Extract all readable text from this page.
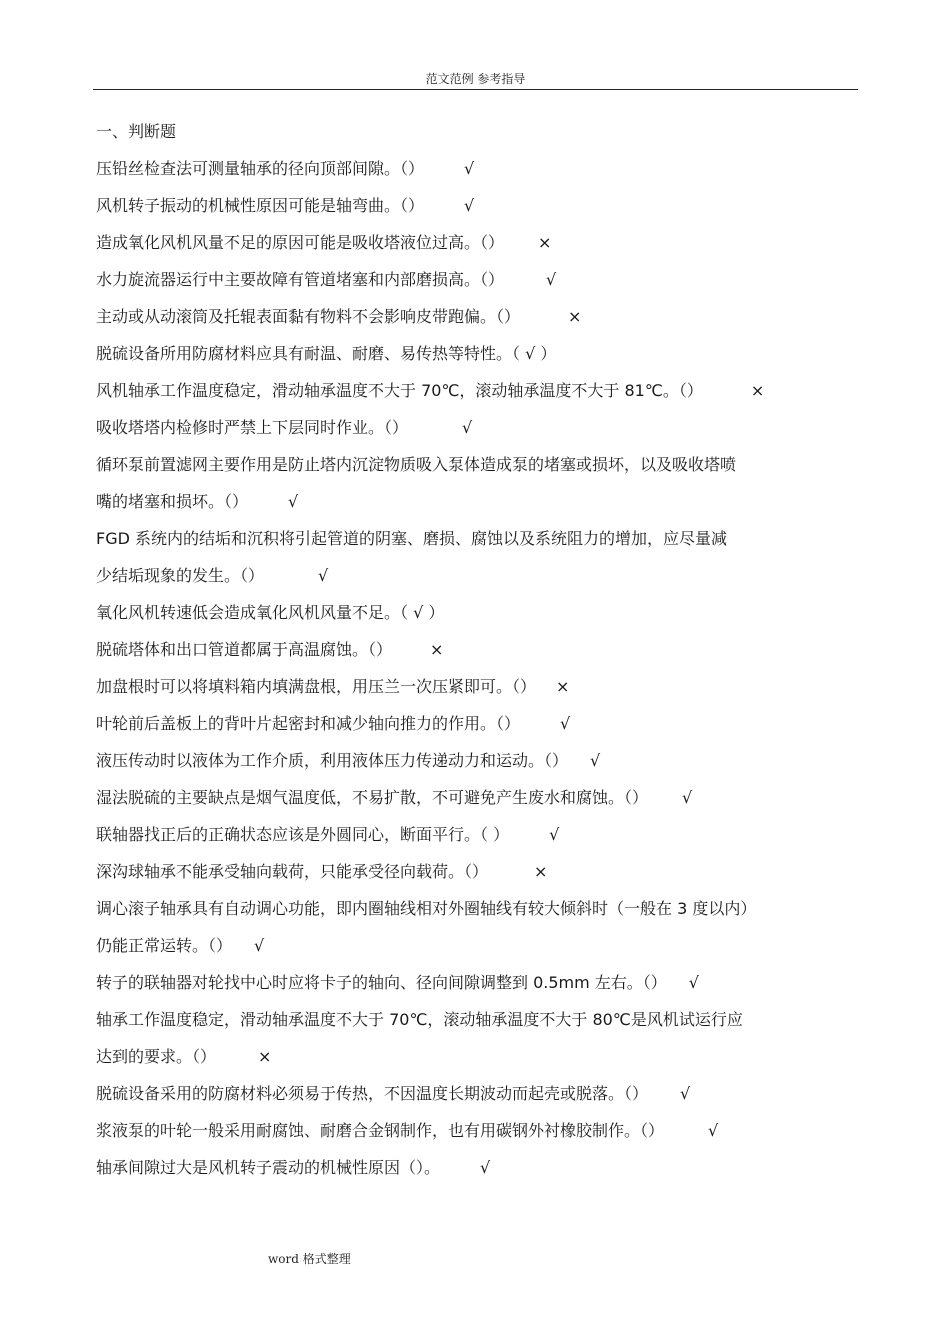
范文范例 参考指导
一、判断题
压铅丝检查法可测量轴承的径向顶部间隙。（）	√
风机转子振动的机械性原因可能是轴弯曲。（）	√
造成氧化风机风量不足的原因可能是吸收塔液位过高。（） ×
水力旋流器运行中主要故障有管道堵塞和内部磨损高。（）	√
主动或从动滚筒及托辊表面黏有物料不会影响皮带跑偏。（）	×
脱硫设备所用防腐材料应具有耐温、耐磨、易传热等特性。（ √ ）
风机轴承工作温度稳定，滑动轴承温度不大于 70℃，滚动轴承温度不大于 81℃。（）	×
吸收塔塔内检修时严禁上下层同时作业。（）	√
循环泵前置滤网主要作用是防止塔内沉淀物质吸入泵体造成泵的堵塞或损坏，以及吸收塔喷
嘴的堵塞和损坏。（）	√
FGD 系统内的结垢和沉积将引起管道的阴塞、磨损、腐蚀以及系统阻力的增加，应尽量减
少结垢现象的发生。（）	√
氧化风机转速低会造成氧化风机风量不足。（ √ ）
脱硫塔体和出口管道都属于高温腐蚀。（） ×
加盘根时可以将填料箱内填满盘根，用压兰一次压紧即可。（） ×
叶轮前后盖板上的背叶片起密封和减少轴向推力的作用。（）	√
液压传动时以液体为工作介质，利用液体压力传递动力和运动。（） √
湿法脱硫的主要缺点是烟气温度低，不易扩散，不可避免产生废水和腐蚀。（） √
联轴器找正后的正确状态应该是外圆同心，断面平行。（ ）	√
深沟球轴承不能承受轴向载荷，只能承受径向载荷。（）	×
调心滚子轴承具有自动调心功能，即内圈轴线相对外圈轴线有较大倾斜时（一般在 3 度以内）
仍能正常运转。（） √
转子的联轴器对轮找中心时应将卡子的轴向、径向间隙调整到 0.5mm 左右。（） √
轴承工作温度稳定，滑动轴承温度不大于 70℃，滚动轴承温度不大于 80℃是风机试运行应
达到的要求。（）	×
脱硫设备采用的防腐材料必须易于传热，不因温度长期波动而起壳或脱落。（） √
浆液泵的叶轮一般采用耐腐蚀、耐磨合金钢制作，也有用碳钢外衬橡胶制作。（）	√
轴承间隙过大是风机转子震动的机械性原因（）。	√
word 格式整理
